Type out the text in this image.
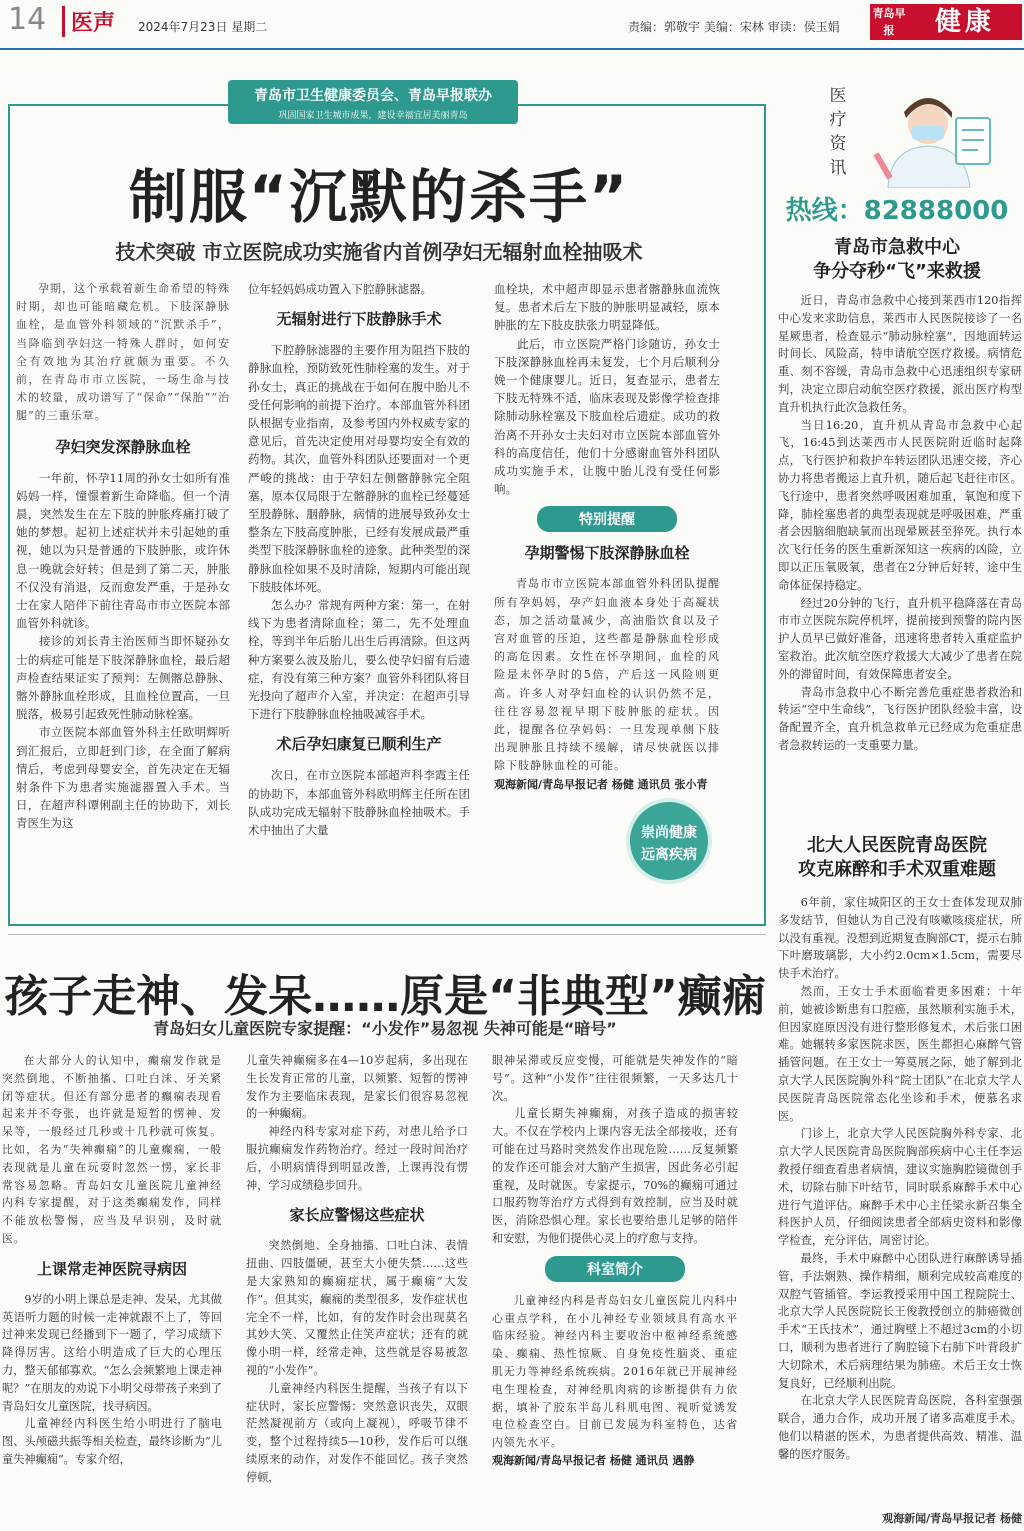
14	医声 2024年7月23日 星期二	责编：郭敬宇 美编：宋林 审读：侯玉娟
青岛早报	健康
青岛市卫生健康委员会、青岛早报联办
巩固国家卫生城市成果，建设幸福宜居美丽青岛
制服“沉默的杀手”
技术突破 市立医院成功实施省内首例孕妇无辐射血栓抽吸术

孕期，这个承载着新生命希望的特殊时期，却也可能暗藏危机。下肢深静脉血栓，是血管外科领域的“沉默杀手”，当降临到孕妇这一特殊人群时，如何安全有效地为其治疗就颇为重要。不久前，在青岛市市立医院，一场生命与技术的较量，成功谱写了“保命”“保胎”“治腿”的三重乐章。

孕妇突发深静脉血栓

一年前，怀孕11周的孙女士如所有准妈妈一样，憧憬着新生命降临。但一个清晨，突然发生在左下肢的肿胀疼痛打破了她的梦想。起初上述症状并未引起她的重视，她以为只是普通的下肢肿胀，或许休息一晚就会好转；但是到了第二天，肿胀不仅没有消退，反而愈发严重，于是孙女士在家人陪伴下前往青岛市市立医院本部血管外科就诊。

接诊的刘长青主治医师当即怀疑孙女士的病症可能是下肢深静脉血栓，最后超声检查结果证实了预判：左侧髂总静脉、髂外静脉血栓形成，且血栓位置高，一旦脱落，极易引起致死性肺动脉栓塞。

市立医院本部血管外科主任欧明辉听到汇报后，立即赶到门诊，在全面了解病情后，考虑到母婴安全，首先决定在无辐射条件下为患者实施滤器置入手术。当日，在超声科谭俐副主任的协助下，刘长青医生为这

位年轻妈妈成功置入下腔静脉滤器。

无辐射进行下肢静脉手术

下腔静脉滤器的主要作用为阻挡下肢的静脉血栓，预防致死性肺栓塞的发生。对于孙女士，真正的挑战在于如何在腹中胎儿不受任何影响的前提下治疗。本部血管外科团队根据专业指南，及参考国内外权威专家的意见后，首先决定使用对母婴均安全有效的药物。其次，血管外科团队还要面对一个更严峻的挑战：由于孕妇左侧髂静脉完全阻塞，原本仅局限于左髂静脉的血栓已经蔓延至股静脉、胭静脉，病情的进展导致孙女士整条左下肢高度肿胀，已经有发展成最严重类型下肢深静脉血栓的迹象。此种类型的深静脉血栓如果不及时清除，短期内可能出现下肢肢体坏死。

怎么办？常规有两种方案：第一，在射线下为患者清除血栓；第二，先不处理血栓，等到半年后胎儿出生后再清除。但这两种方案要么波及胎儿，要么使孕妇留有后遗症，有没有第三种方案？血管外科团队将目光投向了超声介入室，并决定：在超声引导下进行下肢静脉血栓抽吸减容手术。

术后孕妇康复已顺利生产

次日，在市立医院本部超声科李霞主任的协助下，本部血管外科欧明辉主任所在团队成功完成无辐射下肢静脉血栓抽吸术。手术中抽出了大量

血栓块，术中超声即显示患者髂静脉血流恢复。患者术后左下肢的肿胀明显减轻，原本肿胀的左下肢皮肤张力明显降低。

此后，市立医院严格门诊随访，孙女士下肢深静脉血栓再未复发，七个月后顺利分娩一个健康婴儿。近日，复查显示，患者左下肢无特殊不适，临床表现及影像学检查排除肺动脉栓塞及下肢血栓后遗症。成功的救治离不开孙女士夫妇对市立医院本部血管外科的高度信任，他们十分感谢血管外科团队成功实施手术，让腹中胎儿没有受任何影响。

特别提醒
孕期警惕下肢深静脉血栓

青岛市市立医院本部血管外科团队提醒所有孕妈妈，孕产妇血液本身处于高凝状态，加之活动量减少，高油脂饮食以及子宫对血管的压迫，这些都是静脉血栓形成的高危因素。女性在怀孕期间，血栓的风险是未怀孕时的5倍，产后这一风险则更高。许多人对孕妇血栓的认识仍然不足，往往容易忽视早期下肢肿胀的症状。因此，提醒各位孕妈妈：一旦发现单侧下肢出现肿胀且持续不缓解，请尽快就医以排除下肢静脉血栓的可能。

观海新闻/青岛早报记者 杨健 通讯员 张小青

崇尚健康
远离疾病
医疗资讯
热线：82888000
青岛市急救中心
争分夺秒“飞”来救援

近日，青岛市急救中心接到莱西市120指挥中心发来求助信息，莱西市人民医院接诊了一名星厥患者，检查显示“肺动脉栓塞”，因地面转运时间长、风险高，特申请航空医疗救援。病情危重、刻不容缓，青岛市急救中心迅速组织专家研判，决定立即启动航空医疗救援，派出医疗构型直升机执行此次急救任务。

当日16:20，直升机从青岛市急救中心起飞，16:45到达莱西市人民医院附近临时起降点，飞行医护和救护车转运团队迅速交接，齐心协力将患者搬运上直升机，随后起飞赶往市区。飞行途中，患者突然呼吸困难加重，氧饱和度下降，肺栓塞患者的典型表现就是呼吸困难，严重者会因脑细胞缺氧而出现晕厥甚至猝死。执行本次飞行任务的医生重新深知这一疾病的凶险，立即以正压氧吸氧，患者在2分钟后好转，途中生命体征保持稳定。

经过20分钟的飞行，直升机平稳降落在青岛市市立医院东院停机坪，提前接到预警的院内医护人员早已做好准备，迅速将患者转入重症监护室救治。此次航空医疗救援大大减少了患者在院外的滞留时间，有效保障患者安全。

青岛市急救中心不断完善危重症患者救治和转运“空中生命线”，飞行医护团队经验丰富，设备配置齐全，直升机急救单元已经成为危重症患者急救转运的一支重要力量。

北大人民医院青岛医院
攻克麻醉和手术双重难题

6年前，家住城阳区的王女士查体发现双肺多发结节，但她认为自己没有咳嗽咳痰症状，所以没有重视。没想到近期复查胸部CT，提示右肺下叶磨玻璃影，大小约2.0cm×1.5cm，需要尽快手术治疗。

然而，王女士手术面临着更多困难：十年前，她被诊断患有口腔癌，虽然顺利实施手术，但因家庭原因没有进行整形修复术，术后张口困难。她辗转多家医院求医，医生都担心麻醉气管插管问题。在王女士一筹莫展之际，她了解到北京大学人民医院胸外科“院士团队”在北京大学人民医院青岛医院常态化坐诊和手术，便慕名求医。

门诊上，北京大学人民医院胸外科专家、北京大学人民医院青岛医院胸部疾病中心主任李运教授仔细查看患者病情，建议实施胸腔镜微创手术，切除右肺下叶结节，同时联系麻醉手术中心进行气道评估。麻醉手术中心主任梁永新召集全科医护人员，仔细阅读患者全部病史资料和影像学检查，充分评估，周密讨论。

最终，手术中麻醉中心团队进行麻醉诱导插管，手法娴熟、操作精细，顺利完成较高难度的双腔气管插管。李运教授采用中国工程院院士、北京大学人民医院院长王俊教授创立的肺癌微创手术“王氏技术”，通过胸壁上不超过3cm的小切口，顺利为患者进行了胸腔镜下右肺下叶背段扩大切除术，术后病理结果为肺癌。术后王女士恢复良好，已经顺利出院。

在北京大学人民医院青岛医院，各科室强强联合，通力合作，成功开展了诸多高难度手术。他们以精湛的医术，为患者提供高效、精准、温馨的医疗服务。

观海新闻/青岛早报记者 杨健
孩子走神、发呆……原是“非典型”癫痫
青岛妇女儿童医院专家提醒：“小发作”易忽视 失神可能是“暗号”

在大部分人的认知中，癫痫发作就是突然倒地、不断抽搐、口吐白沫、牙关紧闭等症状。但还有部分患者的癫痫表现看起来并不夸张，也许就是短暂的愣神、发呆等，一般经过几秒或十几秒就可恢复。比如，名为“失神癫痫”的儿童癫痫，一般表现就是儿童在玩耍时忽然一愣，家长非常容易忽略。青岛妇女儿童医院儿童神经内科专家提醒，对于这类癫痫发作，同样不能放松警惕，应当及早识别，及时就医。

上课常走神医院寻病因

9岁的小明上课总是走神、发呆，尤其做英语听力题的时候一走神就跟不上了，等回过神来发现已经播到下一题了，学习成绩下降得厉害。这给小明造成了巨大的心理压力，整天郁郁寡欢。“怎么会频繁地上课走神呢？”在朋友的劝说下小明父母带孩子来到了青岛妇女儿童医院，找寻病因。

儿童神经内科医生给小明进行了脑电图、头颅磁共振等相关检查，最终诊断为“儿童失神癫痫”。专家介绍，

儿童失神癫痫多在4—10岁起病，多出现在生长发育正常的儿童，以频繁、短暂的愣神发作为主要临床表现，是家长们很容易忽视的一种癫痫。

神经内科专家对症下药，对患儿给予口服抗癫痫发作药物治疗。经过一段时间治疗后，小明病情得到明显改善，上课再没有愣神，学习成绩稳步回升。

家长应警惕这些症状

突然倒地、全身抽搐、口吐白沫、表情扭曲、四肢僵硬，甚至大小便失禁……这些是大家熟知的癫痫症状，属于癫痫“大发作”。但其实，癫痫的类型很多，发作症状也完全不一样，比如，有的发作时会出现莫名其妙大笑、又覆然止住笑声症状；还有的就像小明一样，经常走神，这些就是容易被忽视的“小发作”。

儿童神经内科医生提醒，当孩子有以下症状时，家长应警惕：突然意识丧失，双眼茫然凝视前方（或向上凝视），呼吸节律不变，整个过程持续5—10秒，发作后可以继续原来的动作，对发作不能回忆。孩子突然停顿，

眼神呆滞或反应变慢，可能就是失神发作的“暗号”。这种“小发作”往往很频繁，一天多达几十次。

儿童长期失神癫痫，对孩子造成的损害较大。不仅在学校内上课内容无法全部接收，还有可能在过马路时突然发作出现危险……反复频繁的发作还可能会对大脑产生损害，因此务必引起重视，及时就医。专家提示，70%的癫痫可通过口服药物等治疗方式得到有效控制，应当及时就医，消除恐惧心理。家长也要给患儿足够的陪伴和安慰，为他们提供心灵上的疗愈与支持。

科室简介

儿童神经内科是青岛妇女儿童医院儿内科中心重点学科，在小儿神经专业领域具有高水平临床经验。神经内科主要收治中枢神经系统感染、癫痫、热性惊厥、自身免疫性脑炎、重症肌无力等神经系统疾病。2016年就已开展神经电生理检查，对神经肌肉病的诊断提供有力依据，填补了胶东半岛儿科肌电图、视听觉诱发电位检查空白。目前已发展为科室特色，达省内领先水平。

观海新闻/青岛早报记者 杨健 通讯员 遇静
